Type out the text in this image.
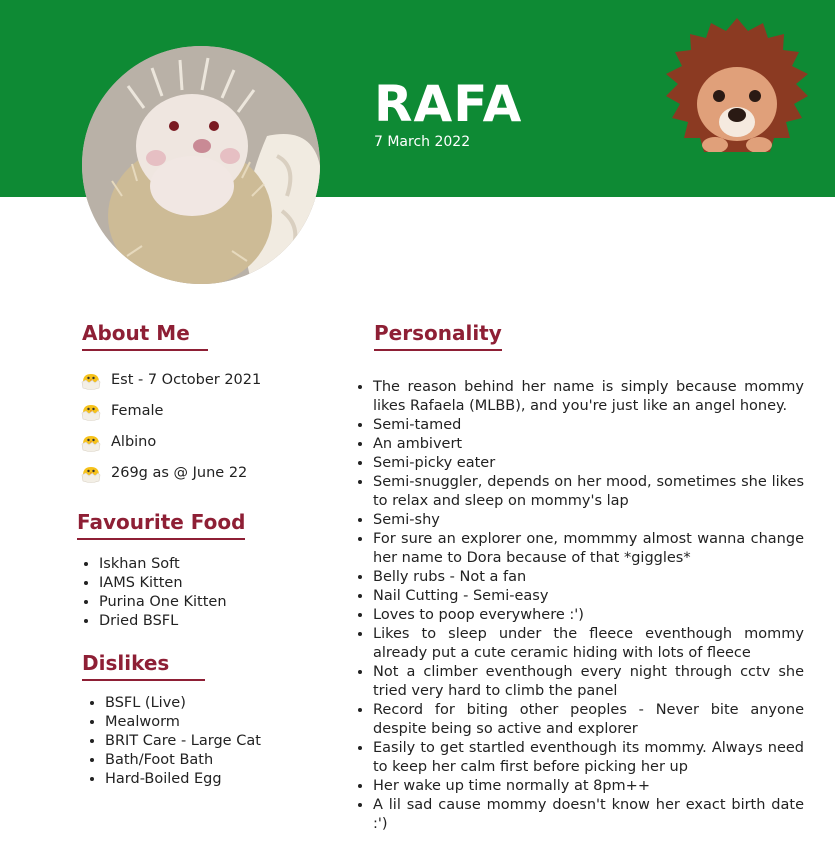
RAFA
7 March 2022
About Me
Est - 7 October 2021
Female
Albino
269g as @ June 22
Favourite Food
• Iskhan Soft
• IAMS Kitten
• Purina One Kitten
• Dried BSFL
Dislikes
• BSFL (Live)
• Mealworm
• BRIT Care - Large Cat
• Bath/Foot Bath
• Hard-Boiled Egg
Personality
• The reason behind her name is simply because mommy likes Rafaela (MLBB), and you're just like an angel honey.
• Semi-tamed
• An ambivert
• Semi-picky eater
• Semi-snuggler, depends on her mood, sometimes she likes to relax and sleep on mommy's lap
• Semi-shy
• For sure an explorer one, mommmy almost wanna change her name to Dora because of that *giggles*
• Belly rubs - Not a fan
• Nail Cutting - Semi-easy
• Loves to poop everywhere :')
• Likes to sleep under the fleece eventhough mommy already put a cute ceramic hiding with lots of fleece
• Not a climber eventhough every night through cctv she tried very hard to climb the panel
• Record for biting other peoples - Never bite anyone despite being so active and explorer
• Easily to get startled eventhough its mommy. Always need to keep her calm first before picking her up
• Her wake up time normally at 8pm++
• A lil sad cause mommy doesn't know her exact birth date :')
